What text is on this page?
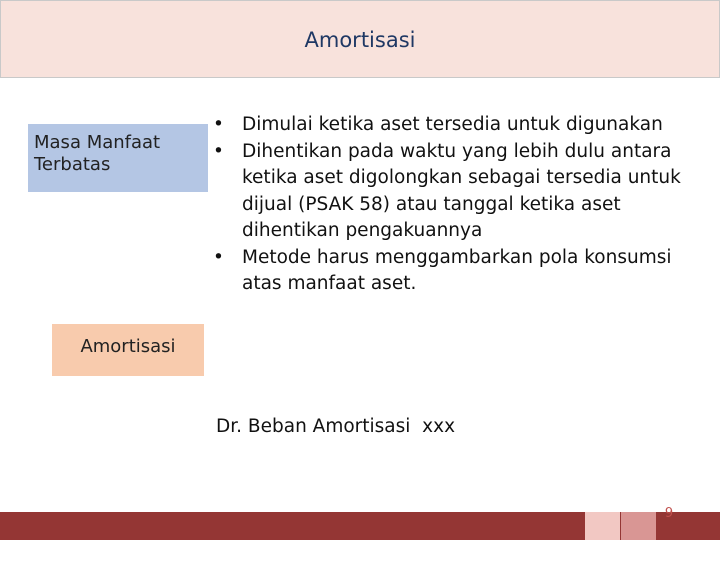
Amortisasi
Masa Manfaat Terbatas
• Dimulai ketika aset tersedia untuk digunakan
• Dihentikan pada waktu yang lebih dulu antara ketika aset digolongkan sebagai tersedia untuk dijual (PSAK 58) atau tanggal ketika aset dihentikan pengakuannya
• Metode harus menggambarkan pola konsumsi atas manfaat aset.
Amortisasi

Dr. Beban Amortisasi  xxx

9
